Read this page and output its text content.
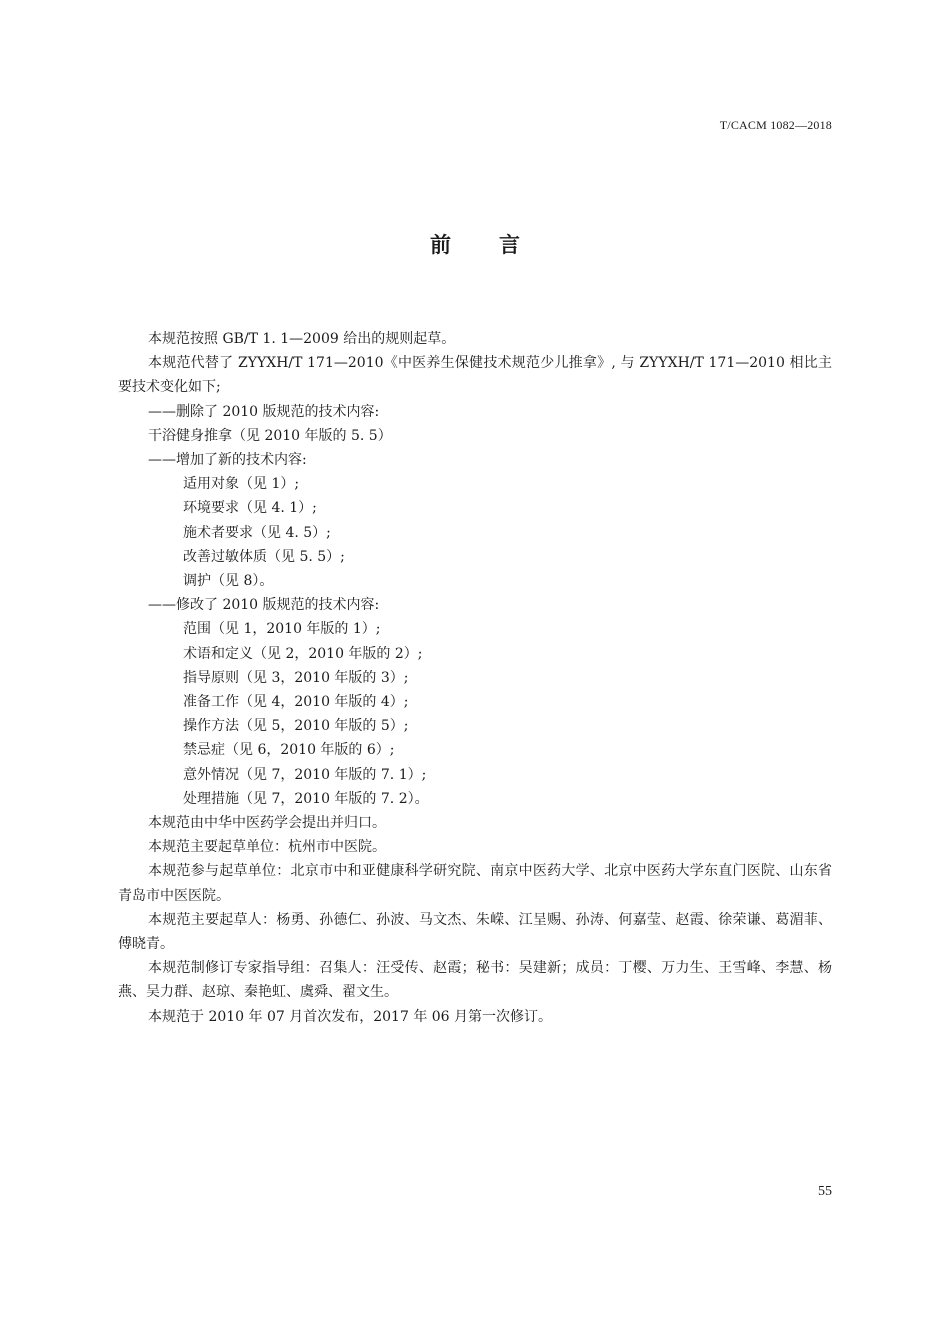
T/CACM 1082—2018
前言

本规范按照 GB/T 1. 1—2009 给出的规则起草。

本规范代替了 ZYYXH/T 171—2010《中医养生保健技术规范少儿推拿》, 与 ZYYXH/T 171—2010 相比主要技术变化如下;

——删除了 2010 版规范的技术内容:

干浴健身推拿（见 2010 年版的 5. 5）

——增加了新的技术内容:

适用对象（见 1）;

环境要求（见 4. 1）;

施术者要求（见 4. 5）;

改善过敏体质（见 5. 5）;

调护（见 8）。

——修改了 2010 版规范的技术内容:

范围（见 1，2010 年版的 1）;

术语和定义（见 2，2010 年版的 2）;

指导原则（见 3，2010 年版的 3）;

准备工作（见 4，2010 年版的 4）;

操作方法（见 5，2010 年版的 5）;

禁忌症（见 6，2010 年版的 6）;

意外情况（见 7，2010 年版的 7. 1）;

处理措施（见 7，2010 年版的 7. 2）。

本规范由中华中医药学会提出并归口。

本规范主要起草单位：杭州市中医院。

本规范参与起草单位：北京市中和亚健康科学研究院、南京中医药大学、北京中医药大学东直门医院、山东省青岛市中医医院。

本规范主要起草人：杨勇、孙德仁、孙波、马文杰、朱嵘、江呈赐、孙涛、何嘉莹、赵霞、徐荣谦、葛湄菲、傅晓青。

本规范制修订专家指导组：召集人：汪受传、赵霞；秘书：吴建新；成员：丁樱、万力生、王雪峰、李慧、杨燕、吴力群、赵琼、秦艳虹、虞舜、翟文生。

本规范于 2010 年 07 月首次发布，2017 年 06 月第一次修订。

55
